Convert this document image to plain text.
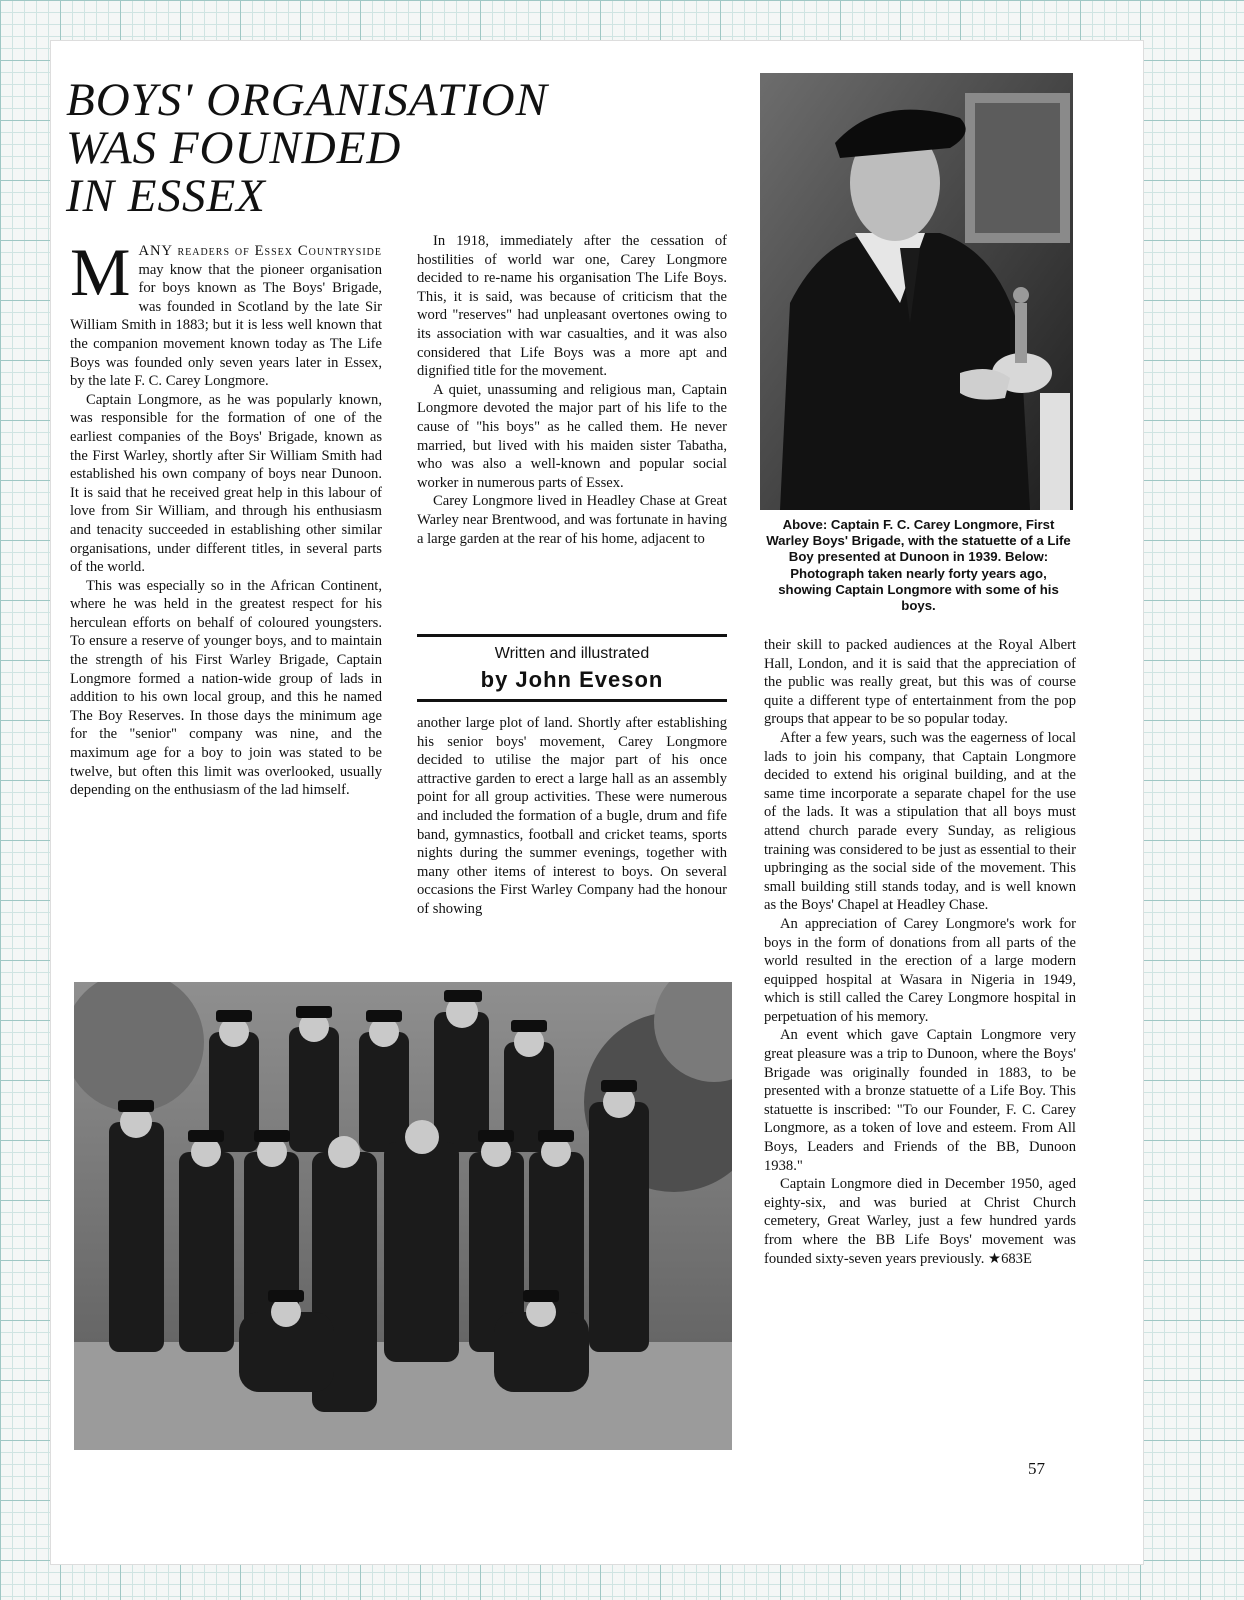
BOYS' ORGANISATION
WAS FOUNDED
IN ESSEX

MANY readers of Essex Countryside may know that the pioneer organisation for boys known as The Boys' Brigade, was founded in Scotland by the late Sir William Smith in 1883; but it is less well known that the companion movement known today as The Life Boys was founded only seven years later in Essex, by the late F. C. Carey Longmore.

Captain Longmore, as he was popularly known, was responsible for the formation of one of the earliest companies of the Boys' Brigade, known as the First Warley, shortly after Sir William Smith had established his own company of boys near Dunoon. It is said that he received great help in this labour of love from Sir William, and through his enthusiasm and tenacity succeeded in establishing other similar organisations, under different titles, in several parts of the world.

This was especially so in the African Continent, where he was held in the greatest respect for his herculean efforts on behalf of coloured youngsters. To ensure a reserve of younger boys, and to maintain the strength of his First Warley Brigade, Captain Longmore formed a nation-wide group of lads in addition to his own local group, and this he named The Boy Reserves. In those days the minimum age for the "senior" company was nine, and the maximum age for a boy to join was stated to be twelve, but often this limit was overlooked, usually depending on the enthusiasm of the lad himself.

In 1918, immediately after the cessation of hostilities of world war one, Carey Longmore decided to re-name his organisation The Life Boys. This, it is said, was because of criticism that the word "reserves" had unpleasant overtones owing to its association with war casualties, and it was also considered that Life Boys was a more apt and dignified title for the movement.

A quiet, unassuming and religious man, Captain Longmore devoted the major part of his life to the cause of "his boys" as he called them. He never married, but lived with his maiden sister Tabatha, who was also a well-known and popular social worker in numerous parts of Essex.

Carey Longmore lived in Headley Chase at Great Warley near Brentwood, and was fortunate in having a large garden at the rear of his home, adjacent to

Written and illustrated
by John Eveson

another large plot of land. Shortly after establishing his senior boys' movement, Carey Longmore decided to utilise the major part of his once attractive garden to erect a large hall as an assembly point for all group activities. These were numerous and included the formation of a bugle, drum and fife band, gymnastics, football and cricket teams, sports nights during the summer evenings, together with many other items of interest to boys. On several occasions the First Warley Company had the honour of showing

Above: Captain F. C. Carey Longmore, First Warley Boys' Brigade, with the statuette of a Life Boy presented at Dunoon in 1939. Below: Photograph taken nearly forty years ago, showing Captain Longmore with some of his boys.

their skill to packed audiences at the Royal Albert Hall, London, and it is said that the appreciation of the public was really great, but this was of course quite a different type of entertainment from the pop groups that appear to be so popular today.

After a few years, such was the eagerness of local lads to join his company, that Captain Longmore decided to extend his original building, and at the same time incorporate a separate chapel for the use of the lads. It was a stipulation that all boys must attend church parade every Sunday, as religious training was considered to be just as essential to their upbringing as the social side of the movement. This small building still stands today, and is well known as the Boys' Chapel at Headley Chase.

An appreciation of Carey Longmore's work for boys in the form of donations from all parts of the world resulted in the erection of a large modern equipped hospital at Wasara in Nigeria in 1949, which is still called the Carey Longmore hospital in perpetuation of his memory.

An event which gave Captain Longmore very great pleasure was a trip to Dunoon, where the Boys' Brigade was originally founded in 1883, to be presented with a bronze statuette of a Life Boy. This statuette is inscribed: "To our Founder, F. C. Carey Longmore, as a token of love and esteem. From All Boys, Leaders and Friends of the BB, Dunoon 1938."

Captain Longmore died in December 1950, aged eighty-six, and was buried at Christ Church cemetery, Great Warley, just a few hundred yards from where the BB Life Boys' movement was founded sixty-seven years previously. ★683E

57
